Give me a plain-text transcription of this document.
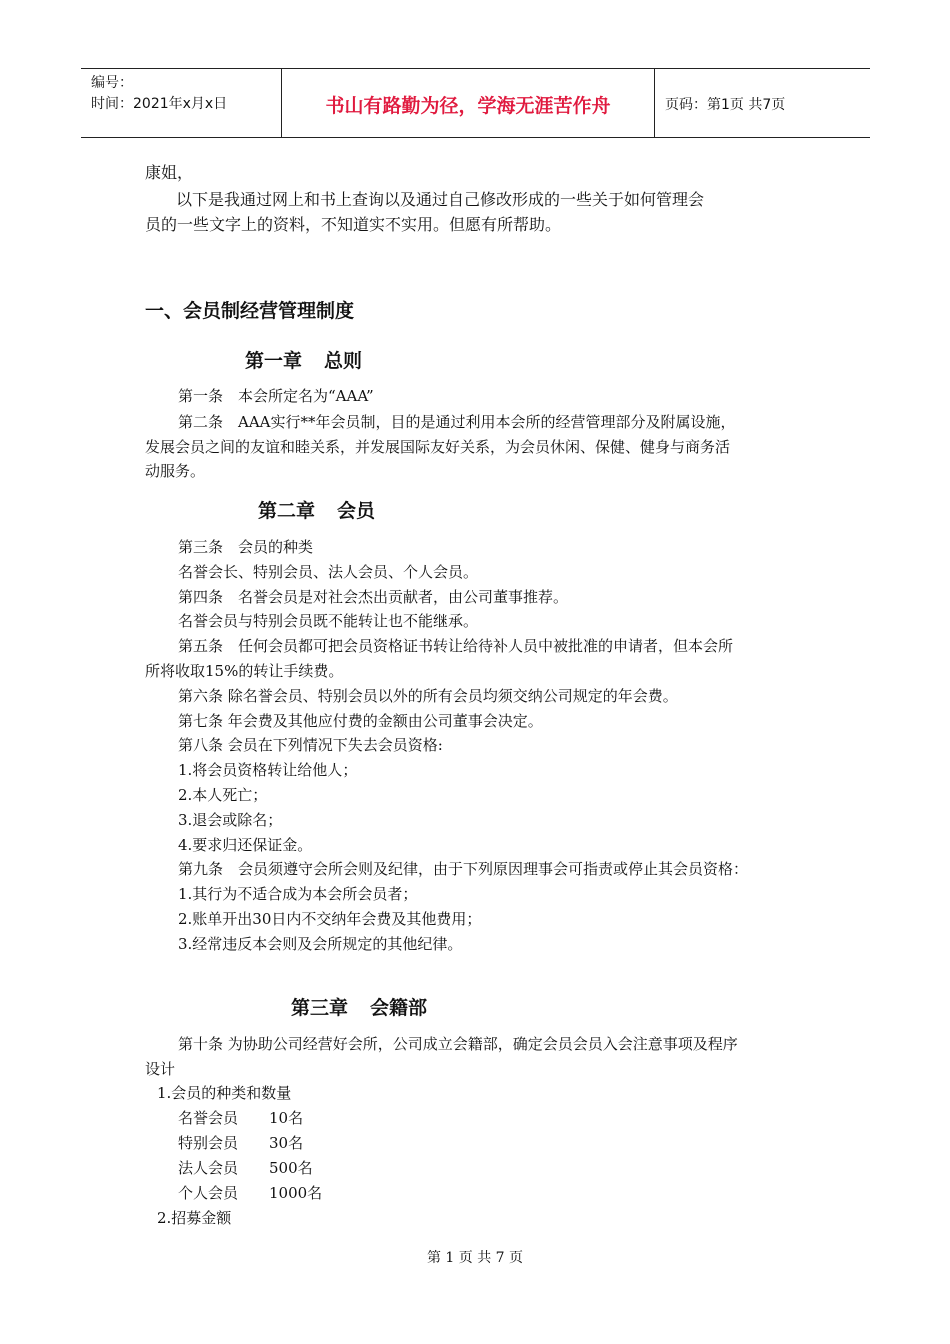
编号：
时间：2021年x月x日	书山有路勤为径，学海无涯苦作舟	页码：第1页 共7页
康姐，
以下是我通过网上和书上查询以及通过自己修改形成的一些关于如何管理会
员的一些文字上的资料，不知道实不实用。但愿有所帮助。
一、会员制经营管理制度
第一章 总则
第一条　本会所定名为“AAA”
第二条　AAA实行**年会员制，目的是通过利用本会所的经营管理部分及附属设施，
发展会员之间的友谊和睦关系，并发展国际友好关系，为会员休闲、保健、健身与商务活
动服务。
第二章 会员
第三条　会员的种类
名誉会长、特别会员、法人会员、个人会员。
第四条　名誉会员是对社会杰出贡献者，由公司董事推荐。
名誉会员与特别会员既不能转让也不能继承。
第五条　任何会员都可把会员资格证书转让给待补人员中被批准的申请者，但本会所
所将收取15%的转让手续费。
第六条 除名誉会员、特别会员以外的所有会员均须交纳公司规定的年会费。
第七条 年会费及其他应付费的金额由公司董事会决定。
第八条 会员在下列情况下失去会员资格:
1.将会员资格转让给他人；
2.本人死亡；
3.退会或除名；
4.要求归还保证金。
第九条　会员须遵守会所会则及纪律，由于下列原因理事会可指责或停止其会员资格：
1.其行为不适合成为本会所会员者；
2.账单开出30日内不交纳年会费及其他费用；
3.经常违反本会则及会所规定的其他纪律。
第三章 会籍部
第十条 为协助公司经营好会所，公司成立会籍部，确定会员会员入会注意事项及程序
设计
1.会员的种类和数量
名誉会员 10名
特别会员 30名
法人会员 500名
个人会员 1000名
2.招募金额
第 1 页 共 7 页
